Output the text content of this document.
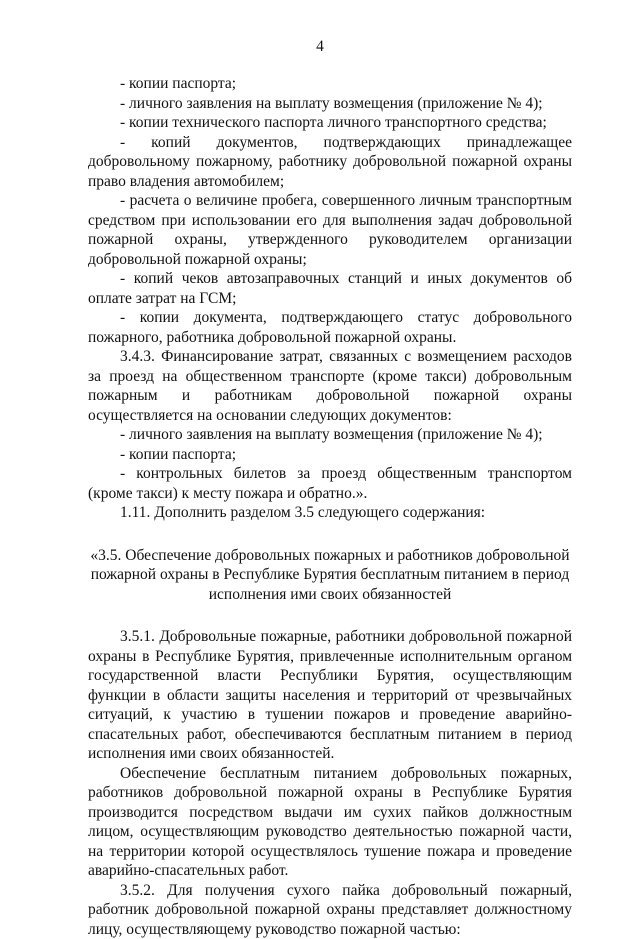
4

- копии паспорта;

- личного заявления на выплату возмещения (приложение № 4);

- копии технического паспорта личного транспортного средства;

- копий документов, подтверждающих принадлежащее добровольному пожарному, работнику добровольной пожарной охраны право владения автомобилем;

- расчета о величине пробега, совершенного личным транспортным средством при использовании его для выполнения задач добровольной пожарной охраны, утвержденного руководителем организации добровольной пожарной охраны;

- копий чеков автозаправочных станций и иных документов об оплате затрат на ГСМ;

- копии документа, подтверждающего статус добровольного пожарного, работника добровольной пожарной охраны.

3.4.3. Финансирование затрат, связанных с возмещением расходов за проезд на общественном транспорте (кроме такси) добровольным пожарным и работникам добровольной пожарной охраны осуществляется на основании следующих документов:

- личного заявления на выплату возмещения (приложение № 4);

- копии паспорта;

- контрольных билетов за проезд общественным транспортом (кроме такси) к месту пожара и обратно.».

1.11. Дополнить разделом 3.5 следующего содержания:

«3.5. Обеспечение добровольных пожарных и работников добровольной пожарной охраны в Республике Бурятия бесплатным питанием в период исполнения ими своих обязанностей

3.5.1. Добровольные пожарные, работники добровольной пожарной охраны в Республике Бурятия, привлеченные исполнительным органом государственной власти Республики Бурятия, осуществляющим функции в области защиты населения и территорий от чрезвычайных ситуаций, к участию в тушении пожаров и проведение аварийно-спасательных работ, обеспечиваются бесплатным питанием в период исполнения ими своих обязанностей.

Обеспечение бесплатным питанием добровольных пожарных, работников добровольной пожарной охраны в Республике Бурятия производится посредством выдачи им сухих пайков должностным лицом, осуществляющим руководство деятельностью пожарной части, на территории которой осуществлялось тушение пожара и проведение аварийно-спасательных работ.

3.5.2. Для получения сухого пайка добровольный пожарный, работник добровольной пожарной охраны представляет должностному лицу, осуществляющему руководство пожарной частью:
